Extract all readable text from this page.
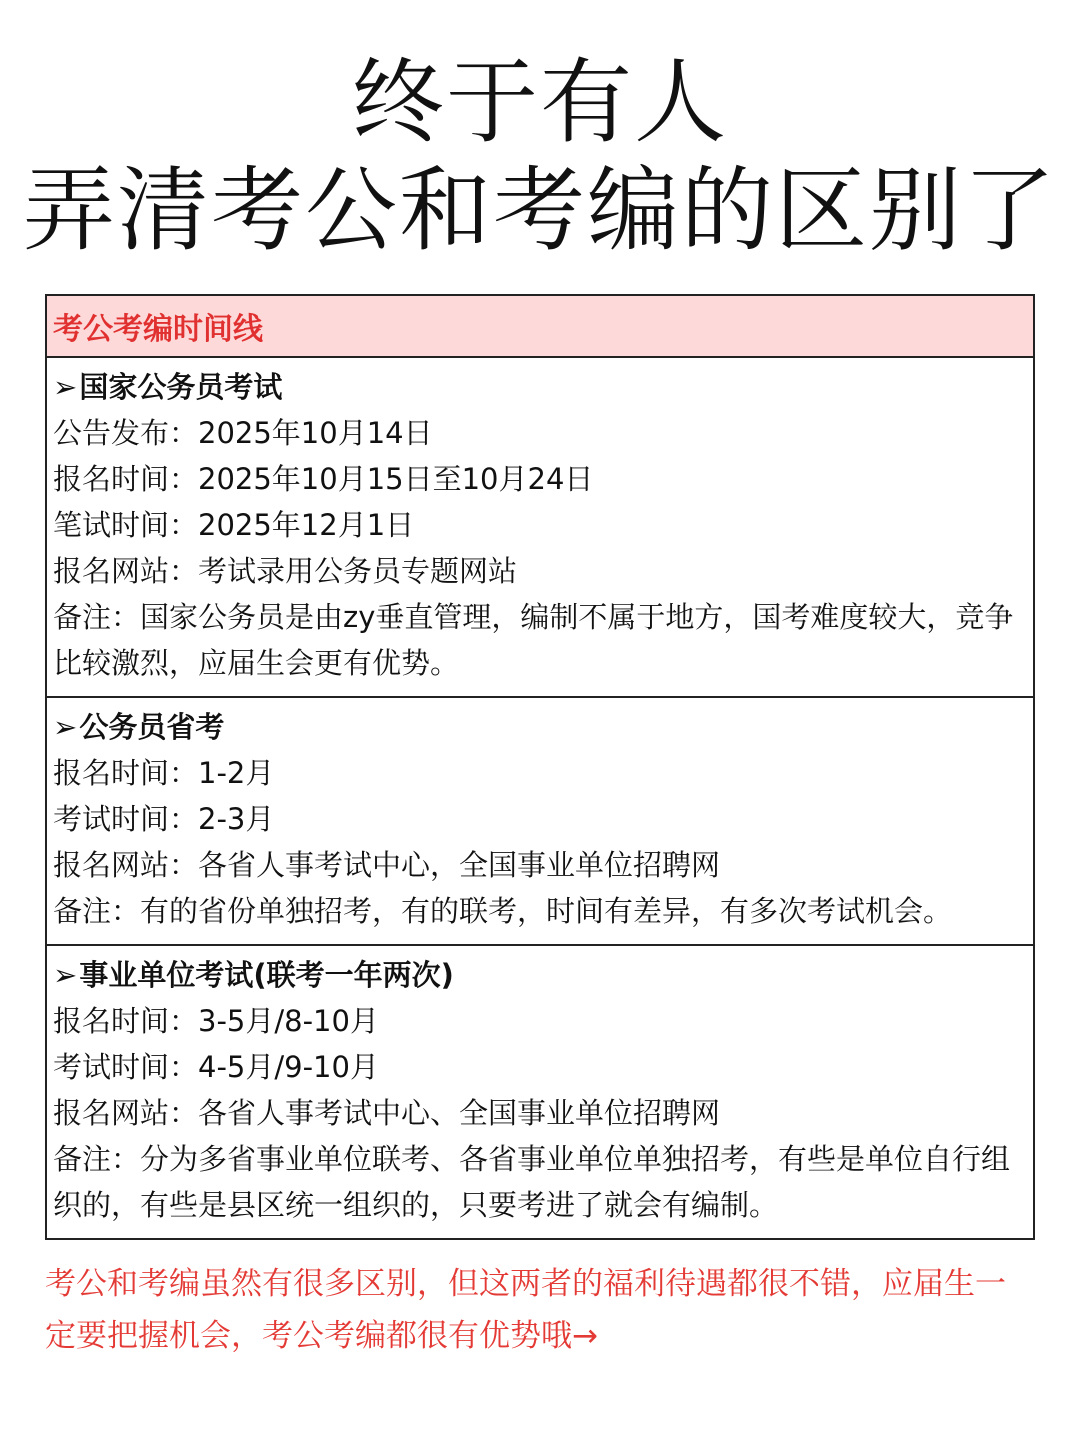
终于有人
弄清考公和考编的区别了
考公考编时间线
➢ 国家公务员考试
公告发布：2025年10月14日
报名时间：2025年10月15日至10月24日
笔试时间：2025年12月1日
报名网站：考试录用公务员专题网站
备注：国家公务员是由zy垂直管理，编制不属于地方，国考难度较大，竞争比较激烈，应届生会更有优势。
➢ 公务员省考
报名时间：1-2月
考试时间：2-3月
报名网站：各省人事考试中心，全国事业单位招聘网
备注：有的省份单独招考，有的联考，时间有差异，有多次考试机会。
➢ 事业单位考试(联考一年两次)
报名时间：3-5月/8-10月
考试时间：4-5月/9-10月
报名网站：各省人事考试中心、全国事业单位招聘网
备注：分为多省事业单位联考、各省事业单位单独招考，有些是单位自行组织的，有些是县区统一组织的，只要考进了就会有编制。
考公和考编虽然有很多区别，但这两者的福利待遇都很不错，应届生一定要把握机会，考公考编都很有优势哦→
